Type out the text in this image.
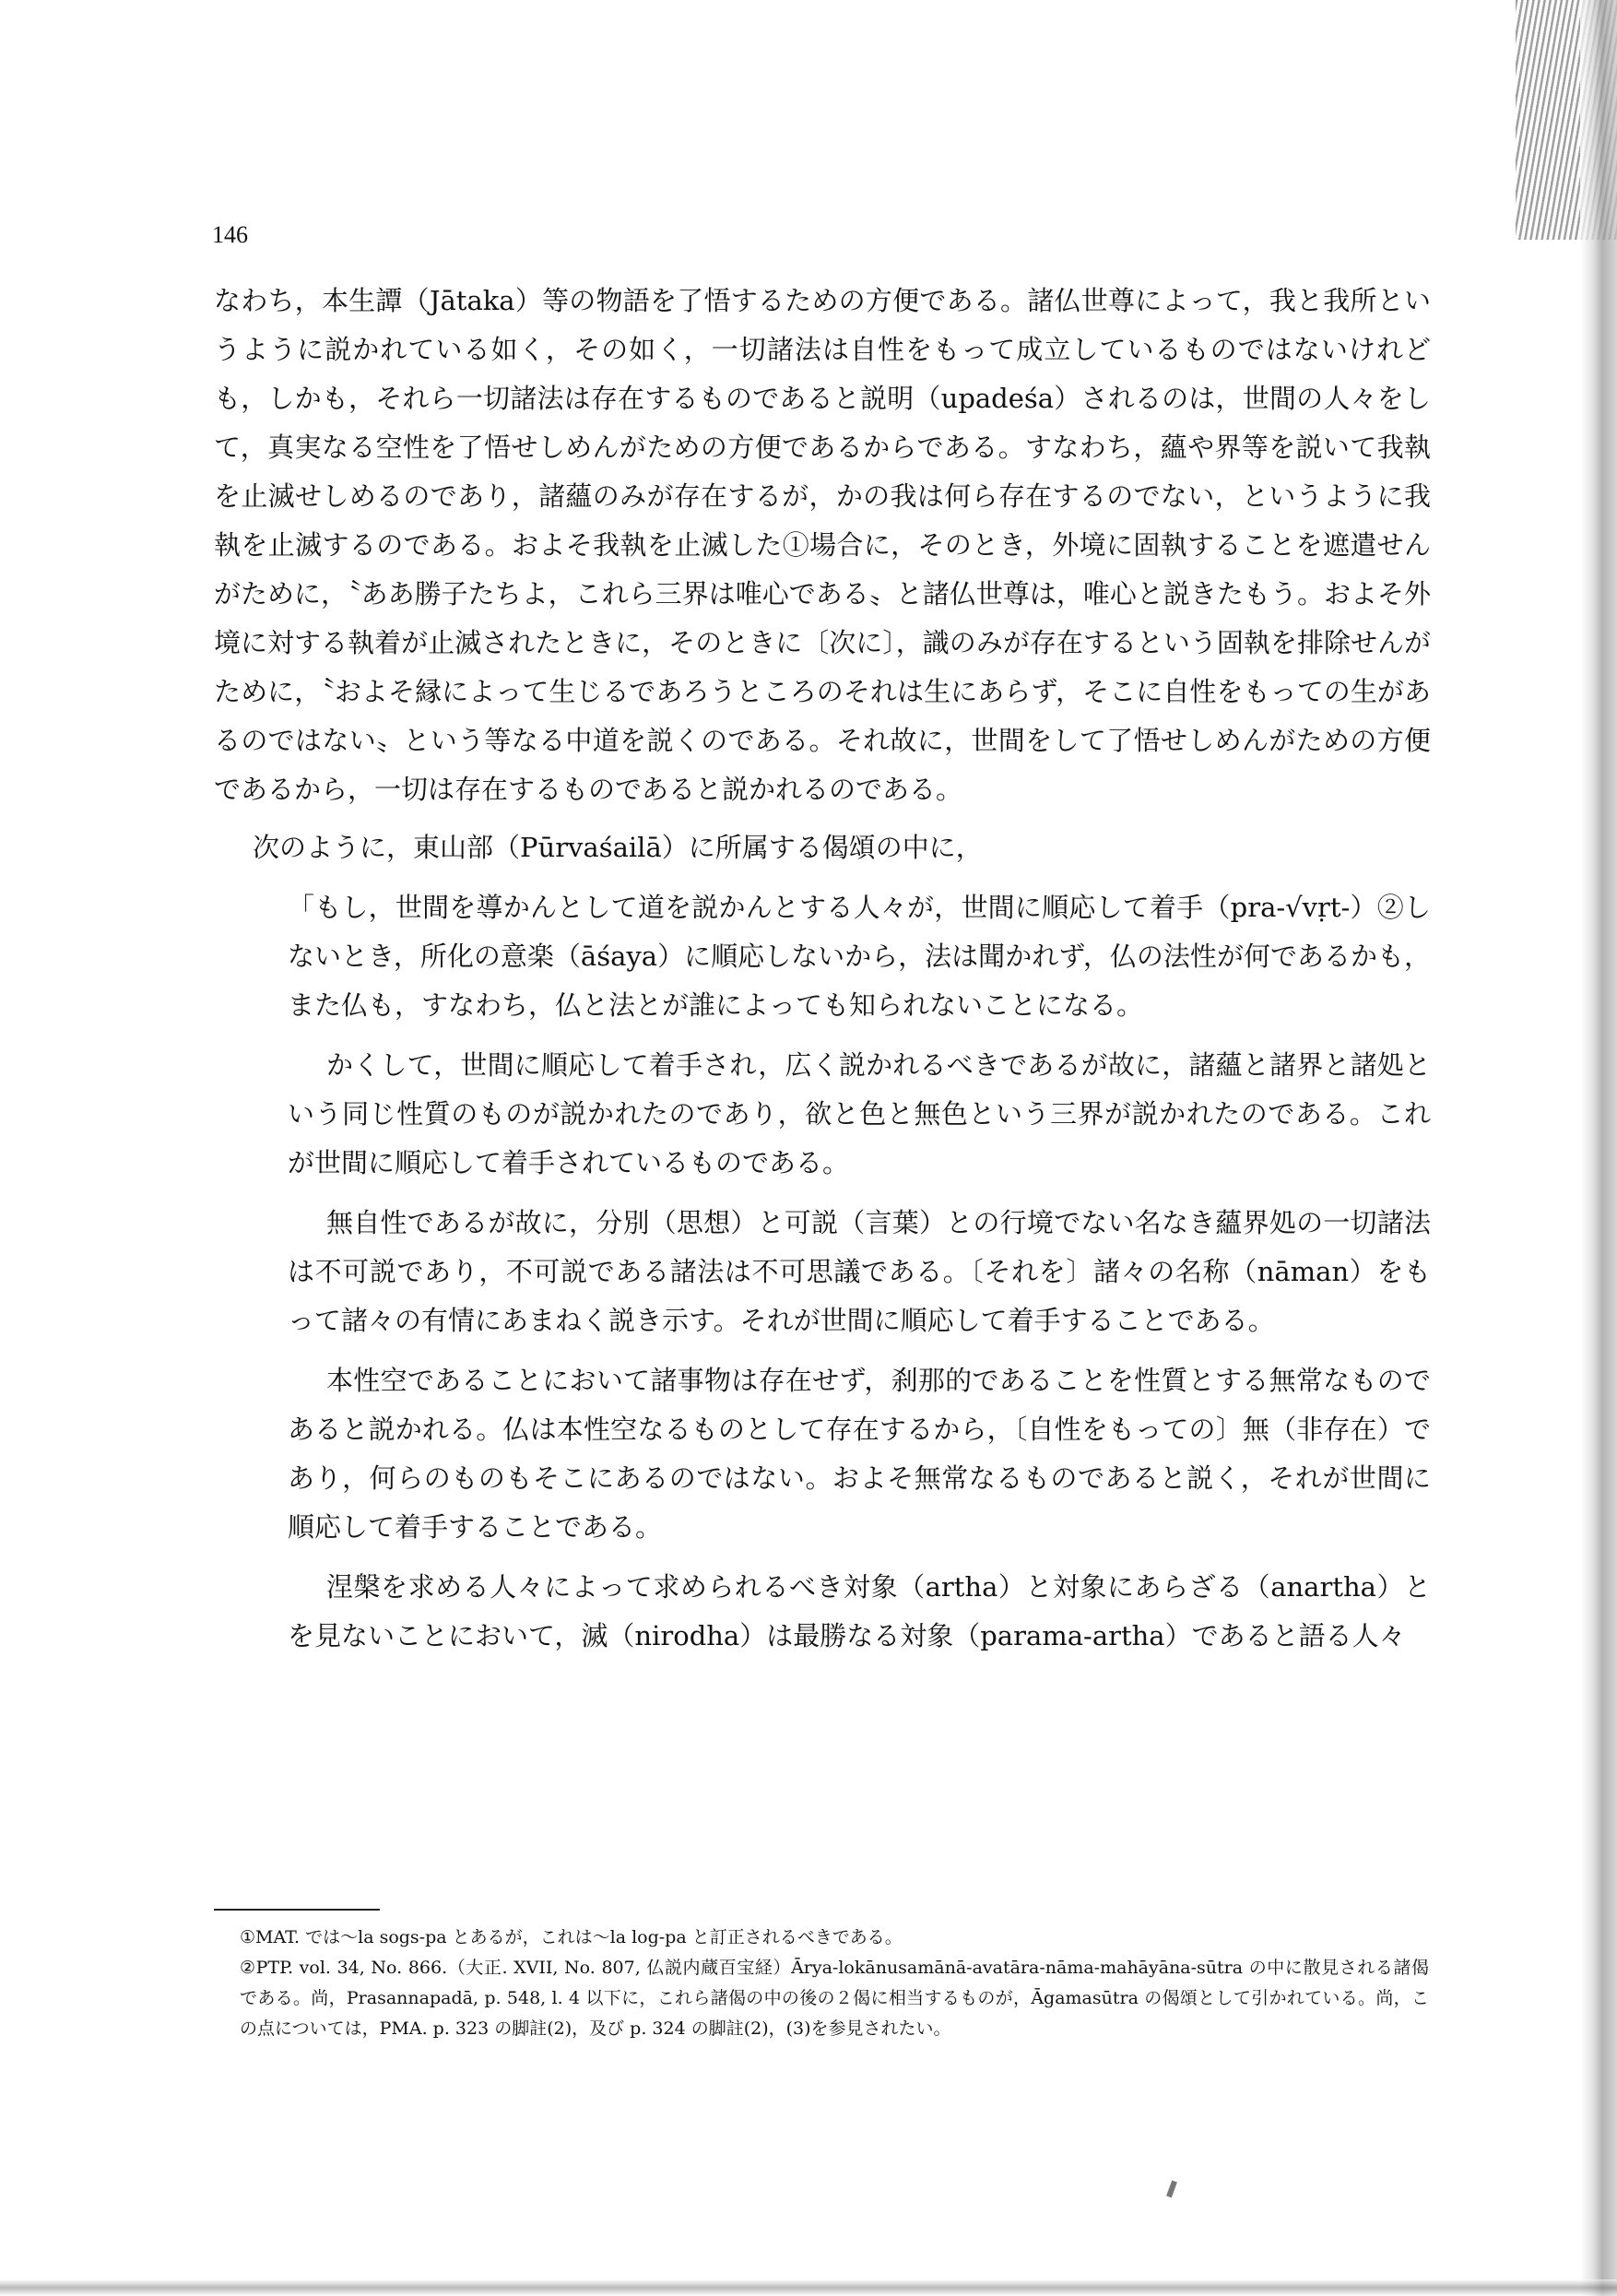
146

なわち，本生譚（Jātaka）等の物語を了悟するための方便である。諸仏世尊によって，我と我所というように説かれている如く，その如く，一切諸法は自性をもって成立しているものではないけれども，しかも，それら一切諸法は存在するものであると説明（upadeśa）されるのは，世間の人々をして，真実なる空性を了悟せしめんがための方便であるからである。すなわち，蘊や界等を説いて我執を止滅せしめるのであり，諸蘊のみが存在するが，かの我は何ら存在するのでない，というように我執を止滅するのである。およそ我執を止滅した①場合に，そのとき，外境に固執することを遮遣せんがために，〝ああ勝子たちよ，これら三界は唯心である〟と諸仏世尊は，唯心と説きたもう。およそ外境に対する執着が止滅されたときに，そのときに〔次に〕，識のみが存在するという固執を排除せんがために，〝およそ縁によって生じるであろうところのそれは生にあらず，そこに自性をもっての生があるのではない〟という等なる中道を説くのである。それ故に，世間をして了悟せしめんがための方便であるから，一切は存在するものであると説かれるのである。

次のように，東山部（Pūrvaśailā）に所属する偈頌の中に，

「もし，世間を導かんとして道を説かんとする人々が，世間に順応して着手（pra-√vṛt-）②しないとき，所化の意楽（āśaya）に順応しないから，法は聞かれず，仏の法性が何であるかも，また仏も，すなわち，仏と法とが誰によっても知られないことになる。

かくして，世間に順応して着手され，広く説かれるべきであるが故に，諸蘊と諸界と諸処という同じ性質のものが説かれたのであり，欲と色と無色という三界が説かれたのである。これが世間に順応して着手されているものである。

無自性であるが故に，分別（思想）と可説（言葉）との行境でない名なき蘊界処の一切諸法は不可説であり，不可説である諸法は不可思議である。〔それを〕諸々の名称（nāman）をもって諸々の有情にあまねく説き示す。それが世間に順応して着手することである。

本性空であることにおいて諸事物は存在せず，刹那的であることを性質とする無常なものであると説かれる。仏は本性空なるものとして存在するから，〔自性をもっての〕無（非存在）であり，何らのものもそこにあるのではない。およそ無常なるものであると説く，それが世間に順応して着手することである。

涅槃を求める人々によって求められるべき対象（artha）と対象にあらざる（anartha）とを見ないことにおいて，滅（nirodha）は最勝なる対象（parama-artha）であると語る人々

①MAT. では～la sogs-pa とあるが，これは～la log-pa と訂正されるべきである。

②PTP. vol. 34, No. 866.（大正. XVII, No. 807, 仏説内蔵百宝経）Ārya-lokānusamānā-avatāra-nāma-mahāyāna-sūtra の中に散見される諸偈である。尚，Prasannapadā, p. 548, l. 4 以下に，これら諸偈の中の後の２偈に相当するものが，Āgamasūtra の偈頌として引かれている。尚，この点については，PMA. p. 323 の脚註(2)，及び p. 324 の脚註(2)，(3)を参見されたい。
